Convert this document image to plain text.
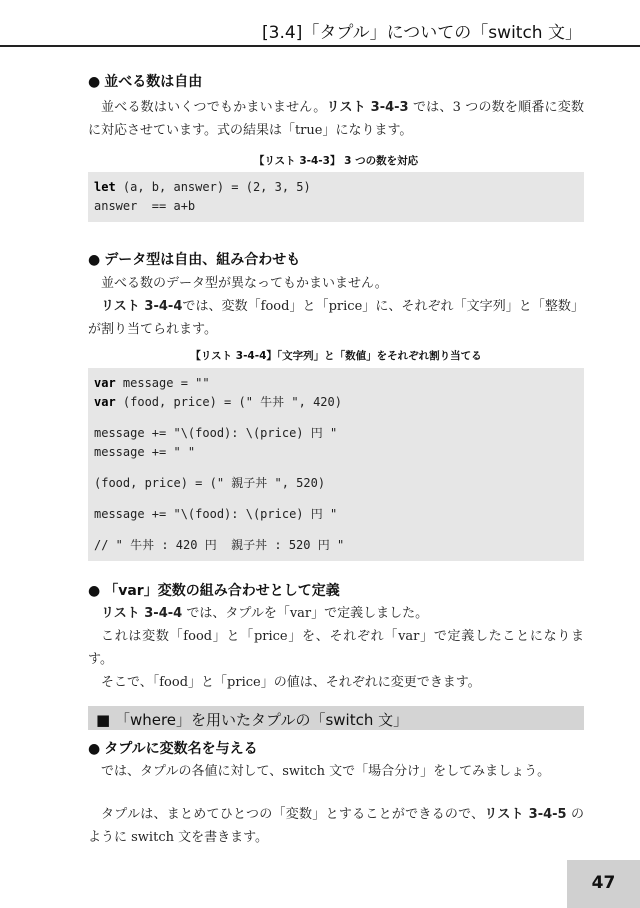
[3.4]「タプル」についての「switch 文」
● 並べる数は自由

並べる数はいくつでもかまいません。リスト 3-4-3 では、3 つの数を順番に変数に対応させています。式の結果は「true」になります。

【リスト 3-4-3】 3 つの数を対応
let (a, b, answer) = (2, 3, 5)
answer  == a+b
● データ型は自由、組み合わせも

並べる数のデータ型が異なってもかまいません。

リスト 3-4-4では、変数「food」と「price」に、それぞれ「文字列」と「整数」が割り当てられます。

【リスト 3-4-4】「文字列」と「数値」をそれぞれ割り当てる
var message = ""
var (food, price) = (" 牛丼 ", 420)
message += "\(food): \(price) 円 "
message += " "
(food, price) = (" 親子丼 ", 520)
message += "\(food): \(price) 円 "
// " 牛丼 : 420 円  親子丼 : 520 円 "
● 「var」変数の組み合わせとして定義

リスト 3-4-4 では、タプルを「var」で定義しました。

これは変数「food」と「price」を、それぞれ「var」で定義したことになります。

そこで、「food」と「price」の値は、それぞれに変更できます。

■ 「where」を用いたタプルの「switch 文」
● タプルに変数名を与える

では、タプルの各値に対して、switch 文で「場合分け」をしてみましょう。

タプルは、まとめてひとつの「変数」とすることができるので、リスト 3-4-5 のように switch 文を書きます。

47
